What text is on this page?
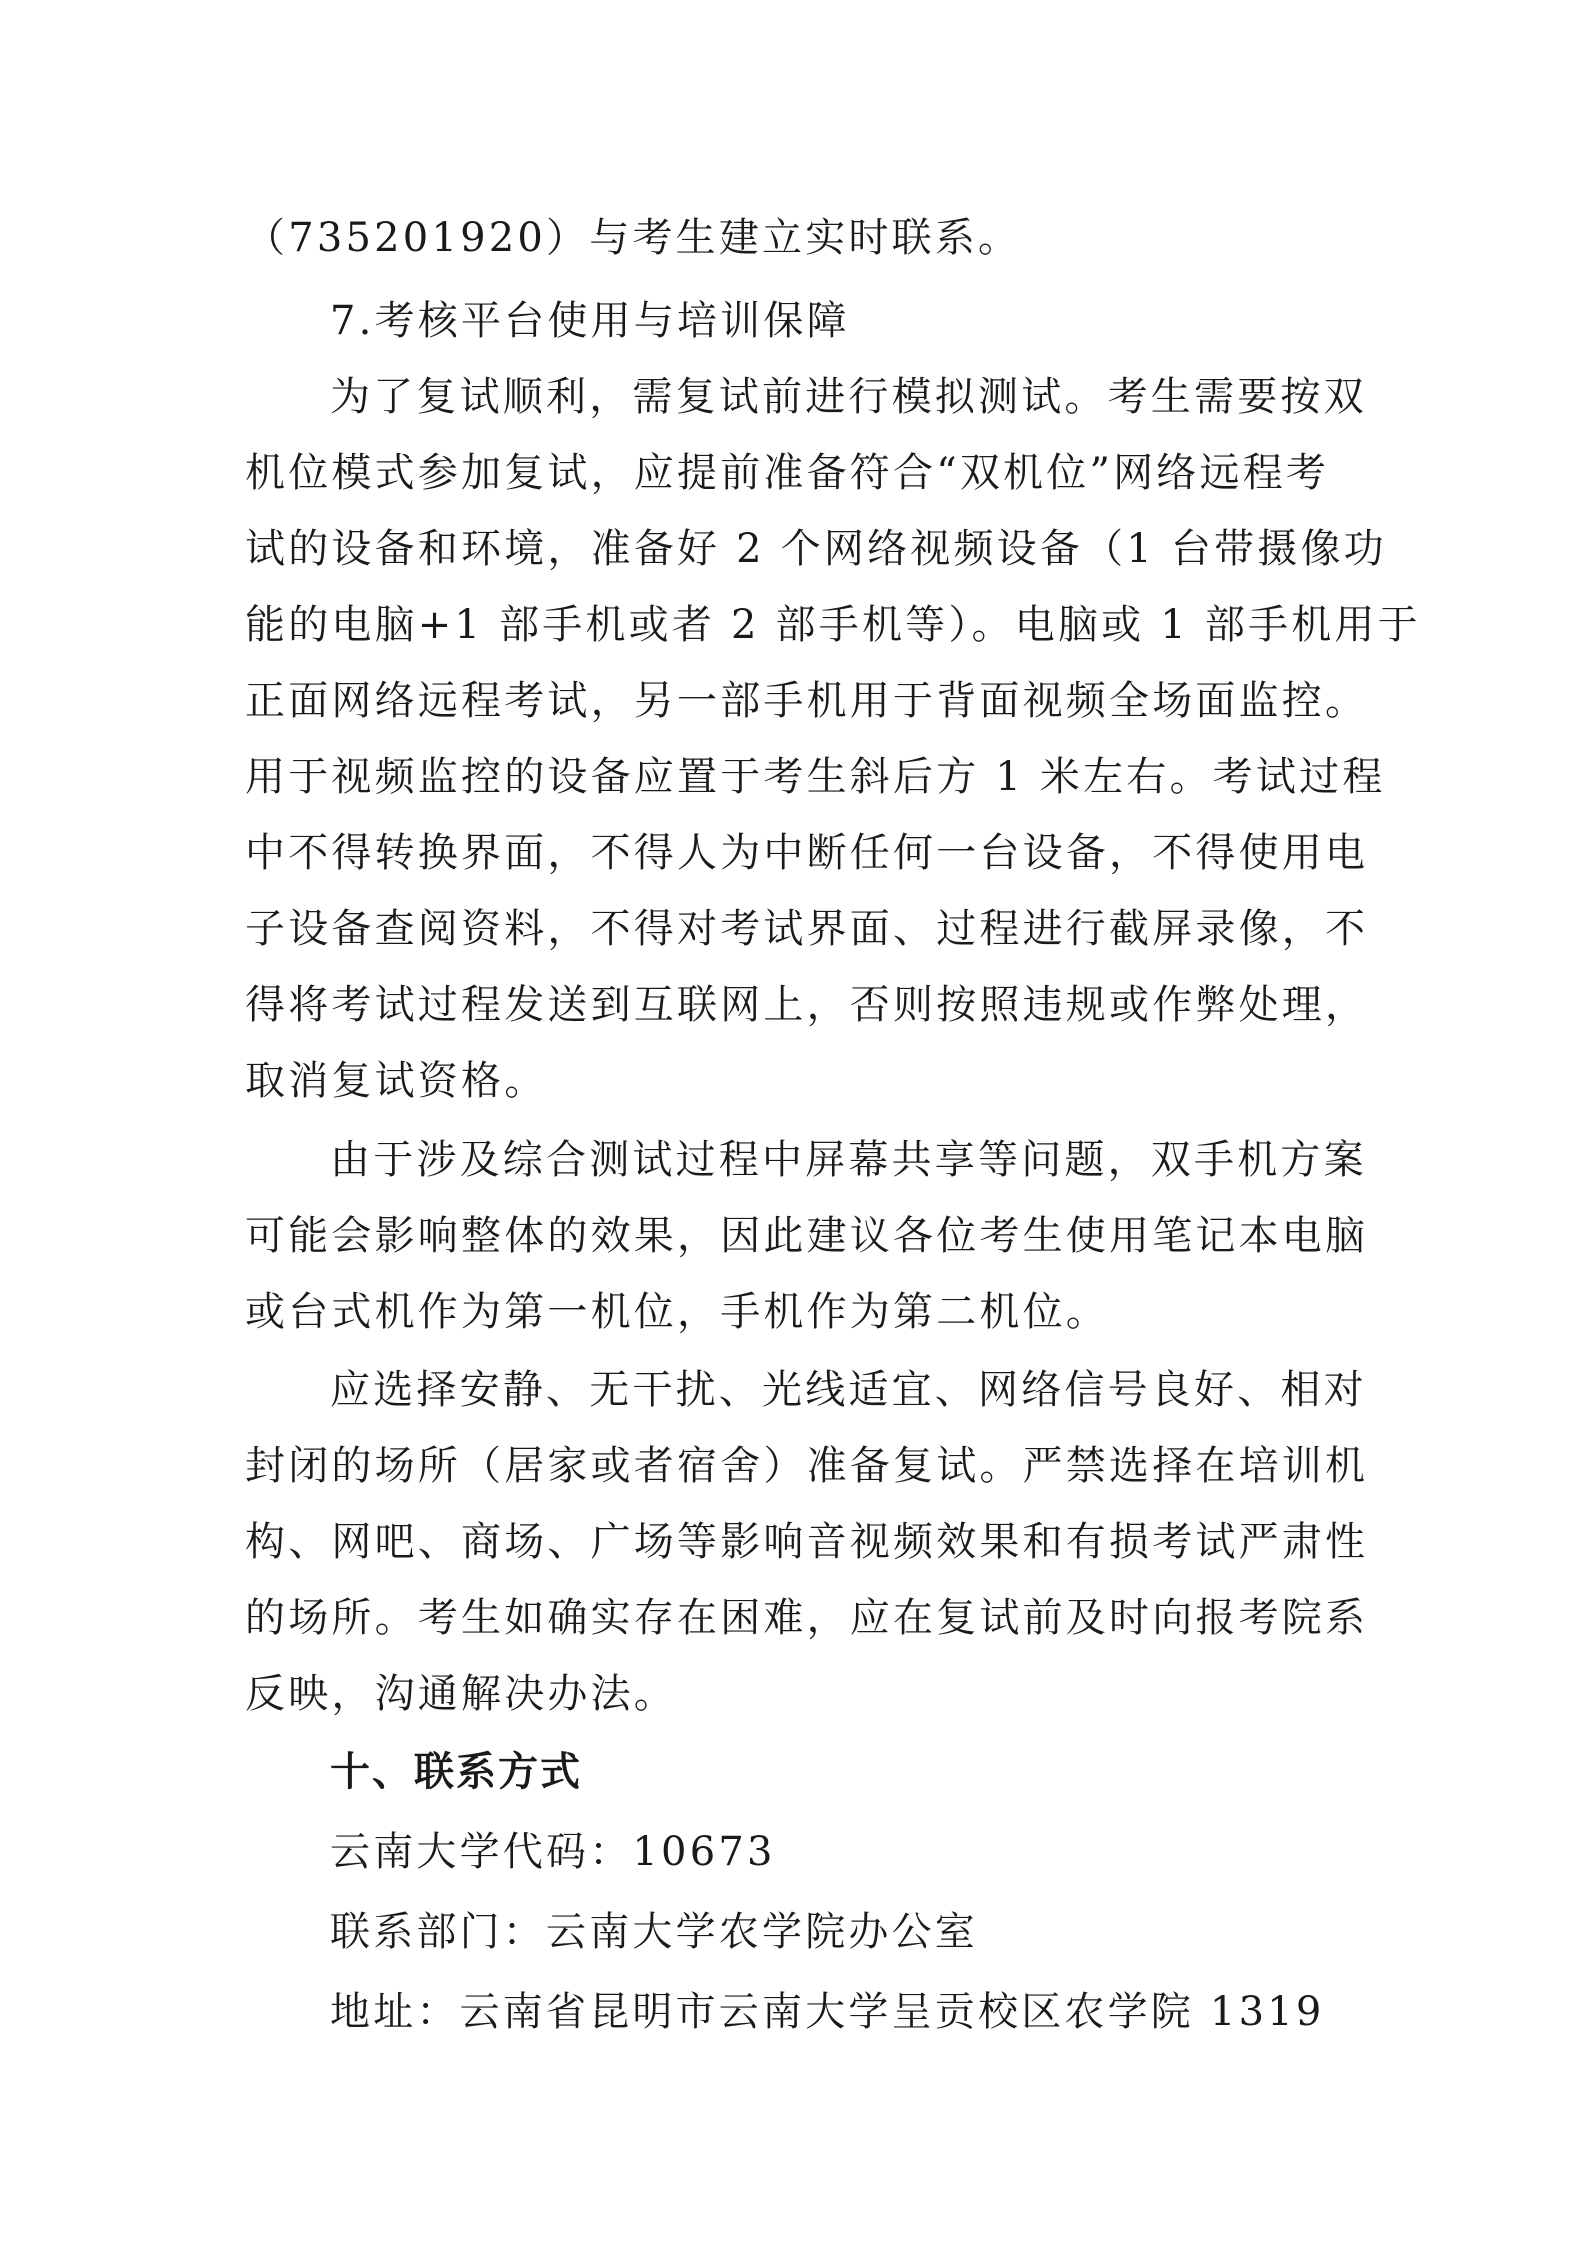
（735201920）与考生建立实时联系。
7.考核平台使用与培训保障
为了复试顺利，需复试前进行模拟测试。考生需要按双
机位模式参加复试，应提前准备符合“双机位”网络远程考
试的设备和环境，准备好 2 个网络视频设备（1 台带摄像功
能的电脑+1 部手机或者 2 部手机等）。电脑或 1 部手机用于
正面网络远程考试，另一部手机用于背面视频全场面监控。
用于视频监控的设备应置于考生斜后方 1 米左右。考试过程
中不得转换界面，不得人为中断任何一台设备，不得使用电
子设备查阅资料，不得对考试界面、过程进行截屏录像，不
得将考试过程发送到互联网上，否则按照违规或作弊处理，
取消复试资格。
由于涉及综合测试过程中屏幕共享等问题，双手机方案
可能会影响整体的效果，因此建议各位考生使用笔记本电脑
或台式机作为第一机位，手机作为第二机位。
应选择安静、无干扰、光线适宜、网络信号良好、相对
封闭的场所（居家或者宿舍）准备复试。严禁选择在培训机
构、网吧、商场、广场等影响音视频效果和有损考试严肃性
的场所。考生如确实存在困难，应在复试前及时向报考院系
反映，沟通解决办法。
十、联系方式
云南大学代码：10673
联系部门：云南大学农学院办公室
地址：云南省昆明市云南大学呈贡校区农学院 1319
